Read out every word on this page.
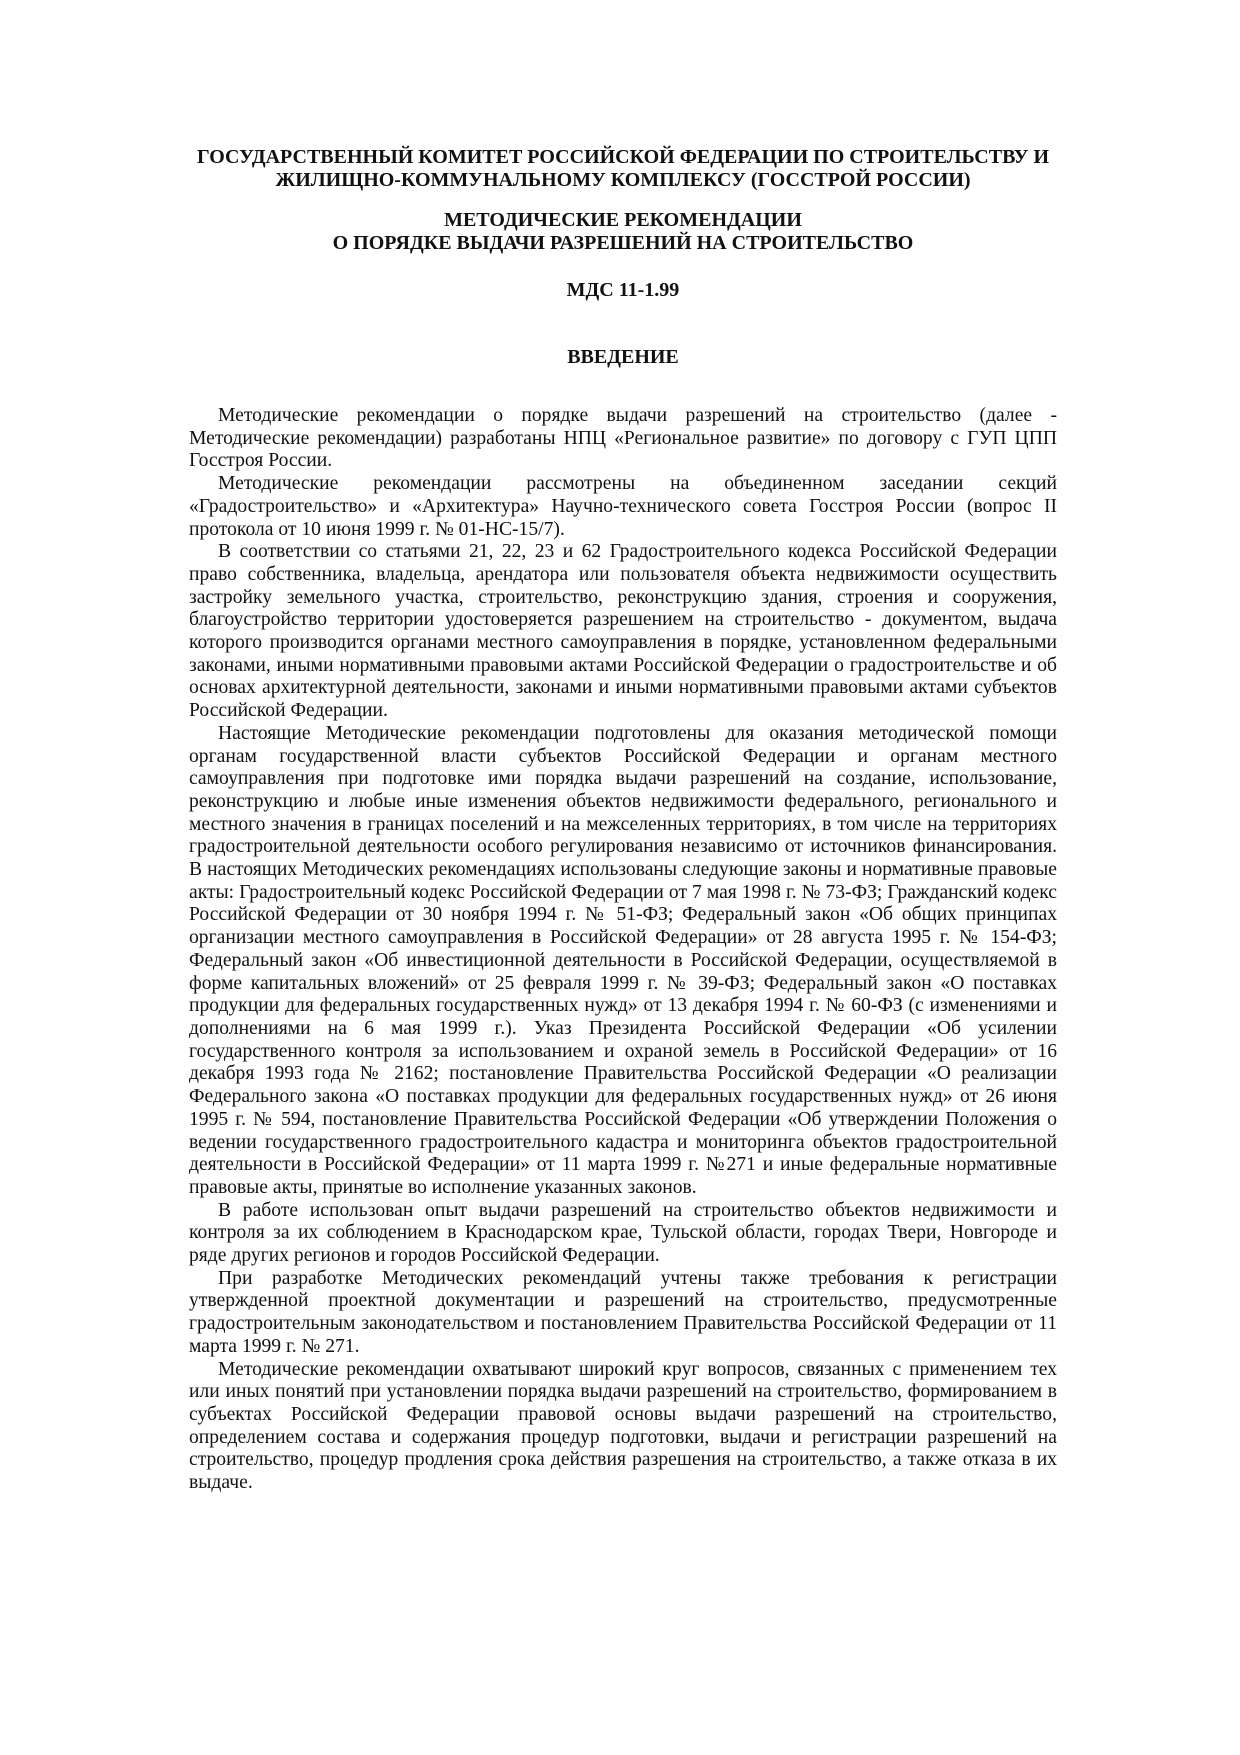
ГОСУДАРСТВЕННЫЙ КОМИТЕТ РОССИЙСКОЙ ФЕДЕРАЦИИ ПО СТРОИТЕЛЬСТВУ И ЖИЛИЩНО-КОММУНАЛЬНОМУ КОМПЛЕКСУ (ГОССТРОЙ РОССИИ)

МЕТОДИЧЕСКИЕ РЕКОМЕНДАЦИИ

О ПОРЯДКЕ ВЫДАЧИ РАЗРЕШЕНИЙ НА СТРОИТЕЛЬСТВО

МДС 11-1.99

ВВЕДЕНИЕ

Методические рекомендации о порядке выдачи разрешений на строительство (далее - Методические рекомендации) разработаны НПЦ «Региональное развитие» по договору с ГУП ЦПП Госстроя России.

Методические рекомендации рассмотрены на объединенном заседании секций «Градостроительство» и «Архитектура» Научно-технического совета Госстроя России (вопрос II протокола от 10 июня 1999 г. № 01-НС-15/7).

В соответствии со статьями 21, 22, 23 и 62 Градостроительного кодекса Российской Федерации право собственника, владельца, арендатора или пользователя объекта недвижимости осуществить застройку земельного участка, строительство, реконструкцию здания, строения и сооружения, благоустройство территории удостоверяется разрешением на строительство - документом, выдача которого производится органами местного самоуправления в порядке, установленном федеральными законами, иными нормативными правовыми актами Российской Федерации о градостроительстве и об основах архитектурной деятельности, законами и иными нормативными правовыми актами субъектов Российской Федерации.

Настоящие Методические рекомендации подготовлены для оказания методической помощи органам государственной власти субъектов Российской Федерации и органам местного самоуправления при подготовке ими порядка выдачи разрешений на создание, использование, реконструкцию и любые иные изменения объектов недвижимости федерального, регионального и местного значения в границах поселений и на межселенных территориях, в том числе на территориях градостроительной деятельности особого регулирования независимо от источников финансирования. В настоящих Методических рекомендациях использованы следующие законы и нормативные правовые акты: Градостроительный кодекс Российской Федерации от 7 мая 1998 г. № 73-ФЗ; Гражданский кодекс Российской Федерации от 30 ноября 1994 г. № 51-ФЗ; Федеральный закон «Об общих принципах организации местного самоуправления в Российской Федерации» от 28 августа 1995 г. № 154-ФЗ; Федеральный закон «Об инвестиционной деятельности в Российской Федерации, осуществляемой в форме капитальных вложений» от 25 февраля 1999 г. № 39-ФЗ; Федеральный закон «О поставках продукции для федеральных государственных нужд» от 13 декабря 1994 г. № 60-ФЗ (с изменениями и дополнениями на 6 мая 1999 г.). Указ Президента Российской Федерации «Об усилении государственного контроля за использованием и охраной земель в Российской Федерации» от 16 декабря 1993 года № 2162; постановление Правительства Российской Федерации «О реализации Федерального закона «О поставках продукции для федеральных государственных нужд» от 26 июня 1995 г. № 594, постановление Правительства Российской Федерации «Об утверждении Положения о ведении государственного градостроительного кадастра и мониторинга объектов градостроительной деятельности в Российской Федерации» от 11 марта 1999 г. №271 и иные федеральные нормативные правовые акты, принятые во исполнение указанных законов.

В работе использован опыт выдачи разрешений на строительство объектов недвижимости и контроля за их соблюдением в Краснодарском крае, Тульской области, городах Твери, Новгороде и ряде других регионов и городов Российской Федерации.

При разработке Методических рекомендаций учтены также требования к регистрации утвержденной проектной документации и разрешений на строительство, предусмотренные градостроительным законодательством и постановлением Правительства Российской Федерации от 11 марта 1999 г. № 271.

Методические рекомендации охватывают широкий круг вопросов, связанных с применением тех или иных понятий при установлении порядка выдачи разрешений на строительство, формированием в субъектах Российской Федерации правовой основы выдачи разрешений на строительство, определением состава и содержания процедур подготовки, выдачи и регистрации разрешений на строительство, процедур продления срока действия разрешения на строительство, а также отказа в их выдаче.
